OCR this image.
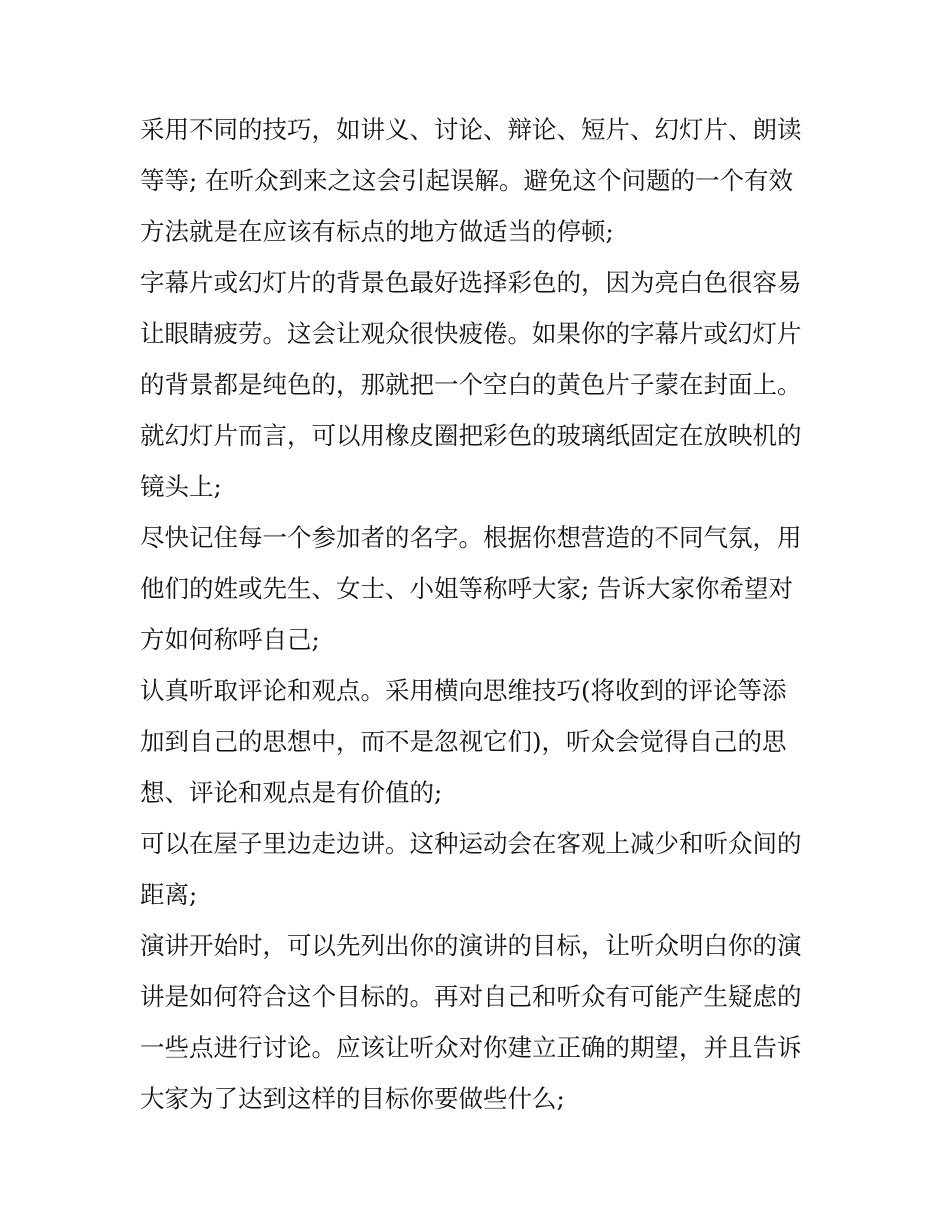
采用不同的技巧，如讲义、讨论、辩论、短片、幻灯片、朗读
等等; 在听众到来之这会引起误解。避免这个问题的一个有效
方法就是在应该有标点的地方做适当的停顿;

字幕片或幻灯片的背景色最好选择彩色的，因为亮白色很容易
让眼睛疲劳。这会让观众很快疲倦。如果你的字幕片或幻灯片
的背景都是纯色的，那就把一个空白的黄色片子蒙在封面上。
就幻灯片而言，可以用橡皮圈把彩色的玻璃纸固定在放映机的
镜头上;

尽快记住每一个参加者的名字。根据你想营造的不同气氛，用
他们的姓或先生、女士、小姐等称呼大家; 告诉大家你希望对
方如何称呼自己;

认真听取评论和观点。采用横向思维技巧(将收到的评论等添
加到自己的思想中，而不是忽视它们)，听众会觉得自己的思
想、评论和观点是有价值的;

可以在屋子里边走边讲。这种运动会在客观上减少和听众间的
距离;

演讲开始时，可以先列出你的演讲的目标，让听众明白你的演
讲是如何符合这个目标的。再对自己和听众有可能产生疑虑的
一些点进行讨论。应该让听众对你建立正确的期望，并且告诉
大家为了达到这样的目标你要做些什么;
